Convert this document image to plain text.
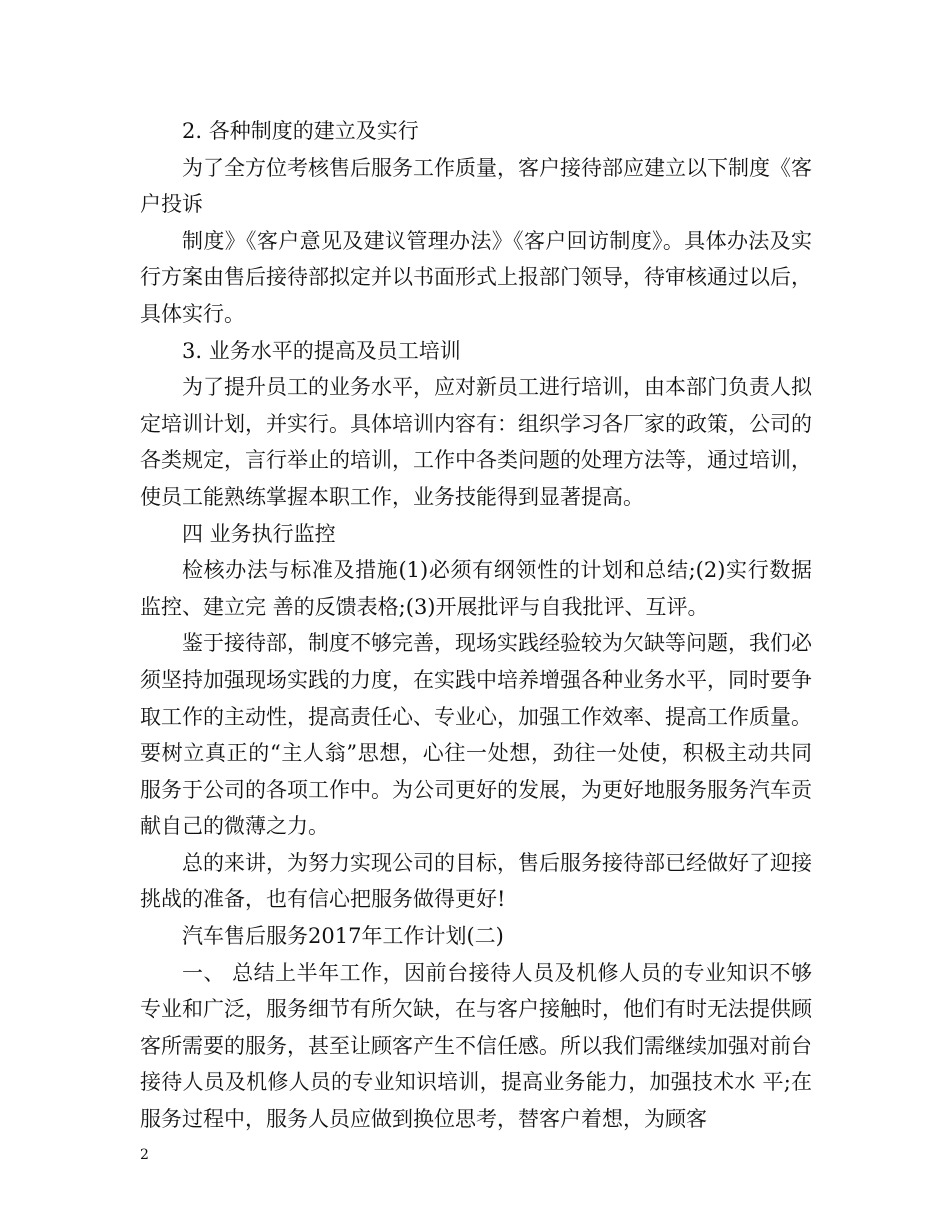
2. 各种制度的建立及实行

为了全方位考核售后服务工作质量，客户接待部应建立以下制度《客户投诉

制度》《客户意见及建议管理办法》《客户回访制度》。具体办法及实行方案由售后接待部拟定并以书面形式上报部门领导，待审核通过以后，具体实行。

3. 业务水平的提高及员工培训

为了提升员工的业务水平，应对新员工进行培训，由本部门负责人拟定培训计划，并实行。具体培训内容有：组织学习各厂家的政策，公司的各类规定，言行举止的培训，工作中各类问题的处理方法等，通过培训，使员工能熟练掌握本职工作，业务技能得到显著提高。

四 业务执行监控

检核办法与标准及措施(1)必须有纲领性的计划和总结;(2)实行数据监控、建立完 善的反馈表格;(3)开展批评与自我批评、互评。

鉴于接待部，制度不够完善，现场实践经验较为欠缺等问题，我们必须坚持加强现场实践的力度，在实践中培养增强各种业务水平，同时要争取工作的主动性，提高责任心、专业心，加强工作效率、提高工作质量。要树立真正的“主人翁”思想，心往一处想，劲往一处使，积极主动共同服务于公司的各项工作中。为公司更好的发展，为更好地服务服务汽车贡献自己的微薄之力。

总的来讲，为努力实现公司的目标，售后服务接待部已经做好了迎接挑战的准备，也有信心把服务做得更好!

汽车售后服务2017年工作计划(二)

一、 总结上半年工作，因前台接待人员及机修人员的专业知识不够专业和广泛，服务细节有所欠缺，在与客户接触时，他们有时无法提供顾客所需要的服务，甚至让顾客产生不信任感。所以我们需继续加强对前台接待人员及机修人员的专业知识培训，提高业务能力，加强技术水 平;在服务过程中，服务人员应做到换位思考，替客户着想，为顾客

2
